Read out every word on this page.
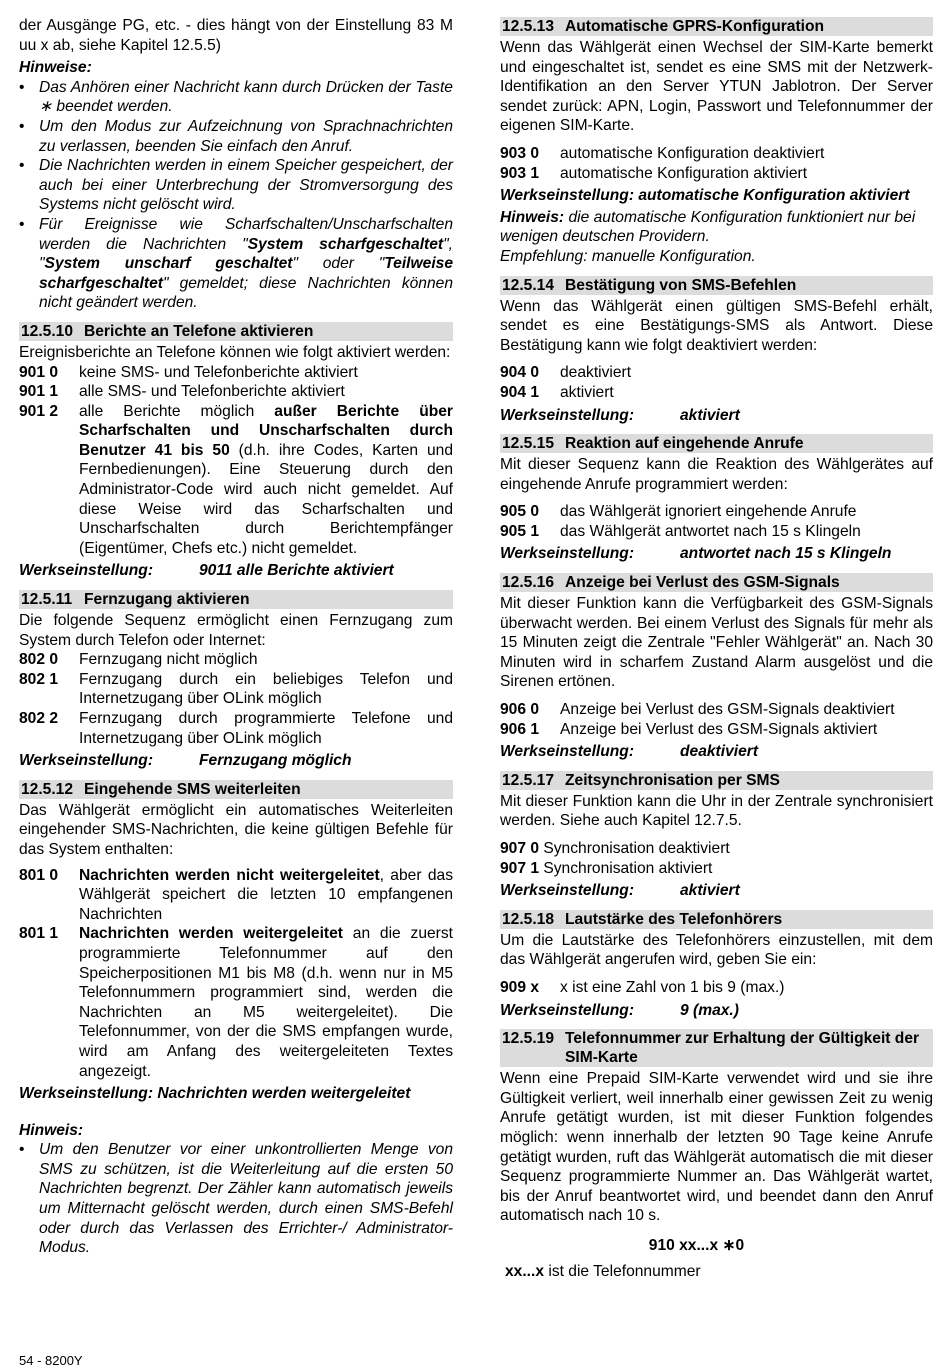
der Ausgänge PG, etc. - dies hängt von der Einstellung 83 M uu x ab, siehe Kapitel 12.5.5)

Hinweise:

• Das Anhören einer Nachricht kann durch Drücken der Taste ∗ beendet werden.
• Um den Modus zur Aufzeichnung von Sprachnachrichten zu verlassen, beenden Sie einfach den Anruf.
• Die Nachrichten werden in einem Speicher gespeichert, der auch bei einer Unterbrechung der Stromversorgung des Systems nicht gelöscht wird.
• Für Ereignisse wie Scharfschalten/Unscharfschalten werden die Nachrichten "System scharfgeschaltet", "System unscharf geschaltet" oder "Teilweise scharfgeschaltet" gemeldet; diese Nachrichten können nicht geändert werden.
12.5.10 Berichte an Telefone aktivieren

Ereignisberichte an Telefone können wie folgt aktiviert werden:

901 0	keine SMS- und Telefonberichte aktiviert
901 1	alle SMS- und Telefonberichte aktiviert
901 2	alle Berichte möglich außer Berichte über Scharfschalten und Unscharfschalten durch Benutzer 41 bis 50 (d.h. ihre Codes, Karten und Fernbedienungen). Eine Steuerung durch den Administrator-Code wird auch nicht gemeldet. Auf diese Weise wird das Scharfschalten und Unscharfschalten durch Berichtempfänger (Eigentümer, Chefs etc.) nicht gemeldet.
Werkseinstellung:	9011 alle Berichte aktiviert
12.5.11 Fernzugang aktivieren

Die folgende Sequenz ermöglicht einen Fernzugang zum System durch Telefon oder Internet:

802 0	Fernzugang nicht möglich
802 1	Fernzugang durch ein beliebiges Telefon und Internetzugang über OLink möglich
802 2	Fernzugang durch programmierte Telefone und Internetzugang über OLink möglich
Werkseinstellung:	Fernzugang möglich
12.5.12 Eingehende SMS weiterleiten

Das Wählgerät ermöglicht ein automatisches Weiterleiten eingehender SMS-Nachrichten, die keine gültigen Befehle für das System enthalten:

801 0	Nachrichten werden nicht weitergeleitet, aber das Wählgerät speichert die letzten 10 empfangenen Nachrichten
801 1	Nachrichten werden weitergeleitet an die zuerst programmierte Telefonnummer auf den Speicherpositionen M1 bis M8 (d.h. wenn nur in M5 Telefonnummern programmiert sind, werden die Nachrichten an M5 weitergeleitet). Die Telefonnummer, von der die SMS empfangen wurde, wird am Anfang des weitergeleiteten Textes angezeigt.

Werkseinstellung: Nachrichten werden weitergeleitet

Hinweis:

• Um den Benutzer vor einer unkontrollierten Menge von SMS zu schützen, ist die Weiterleitung auf die ersten 50 Nachrichten begrenzt. Der Zähler kann automatisch jeweils um Mitternacht gelöscht werden, durch einen SMS-Befehl oder durch das Verlassen des Errichter-/ Administrator-Modus.
12.5.13 Automatische GPRS-Konfiguration

Wenn das Wählgerät einen Wechsel der SIM-Karte bemerkt und eingeschaltet ist, sendet es eine SMS mit der Netzwerk-Identifikation an den Server YTUN Jablotron. Der Server sendet zurück: APN, Login, Passwort und Telefonnummer der eigenen SIM-Karte.

903 0	automatische Konfiguration deaktiviert
903 1	automatische Konfiguration aktiviert

Werkseinstellung: automatische Konfiguration aktiviert

Hinweis: die automatische Konfiguration funktioniert nur bei wenigen deutschen Providern.

Empfehlung: manuelle Konfiguration.

12.5.14 Bestätigung von SMS-Befehlen

Wenn das Wählgerät einen gültigen SMS-Befehl erhält, sendet es eine Bestätigungs-SMS als Antwort. Diese Bestätigung kann wie folgt deaktiviert werden:

904 0	deaktiviert
904 1	aktiviert
Werkseinstellung:	aktiviert
12.5.15 Reaktion auf eingehende Anrufe

Mit dieser Sequenz kann die Reaktion des Wählgerätes auf eingehende Anrufe programmiert werden:

905 0	das Wählgerät ignoriert eingehende Anrufe
905 1	das Wählgerät antwortet nach 15 s Klingeln
Werkseinstellung:	antwortet nach 15 s Klingeln
12.5.16 Anzeige bei Verlust des GSM-Signals

Mit dieser Funktion kann die Verfügbarkeit des GSM-Signals überwacht werden. Bei einem Verlust des Signals für mehr als 15 Minuten zeigt die Zentrale "Fehler Wählgerät" an. Nach 30 Minuten wird in scharfem Zustand Alarm ausgelöst und die Sirenen ertönen.

906 0	Anzeige bei Verlust des GSM-Signals deaktiviert
906 1	Anzeige bei Verlust des GSM-Signals aktiviert
Werkseinstellung:	deaktiviert
12.5.17 Zeitsynchronisation per SMS

Mit dieser Funktion kann die Uhr in der Zentrale synchronisiert werden. Siehe auch Kapitel 12.7.5.

907 0 Synchronisation deaktiviert

907 1 Synchronisation aktiviert

Werkseinstellung:	aktiviert
12.5.18 Lautstärke des Telefonhörers

Um die Lautstärke des Telefonhörers einzustellen, mit dem das Wählgerät angerufen wird, geben Sie ein:

909 x	x ist eine Zahl von 1 bis 9 (max.)
Werkseinstellung:	9 (max.)
12.5.19 Telefonnummer zur Erhaltung der Gültigkeit der SIM-Karte

Wenn eine Prepaid SIM-Karte verwendet wird und sie ihre Gültigkeit verliert, weil innerhalb einer gewissen Zeit zu wenig Anrufe getätigt wurden, ist mit dieser Funktion folgendes möglich: wenn innerhalb der letzten 90 Tage keine Anrufe getätigt wurden, ruft das Wählgerät automatisch die mit dieser Sequenz programmierte Nummer an. Das Wählgerät wartet, bis der Anruf beantwortet wird, und beendet dann den Anruf automatisch nach 10 s.

910 xx...x ∗0

xx...x ist die Telefonnummer

54 - 8200Y
